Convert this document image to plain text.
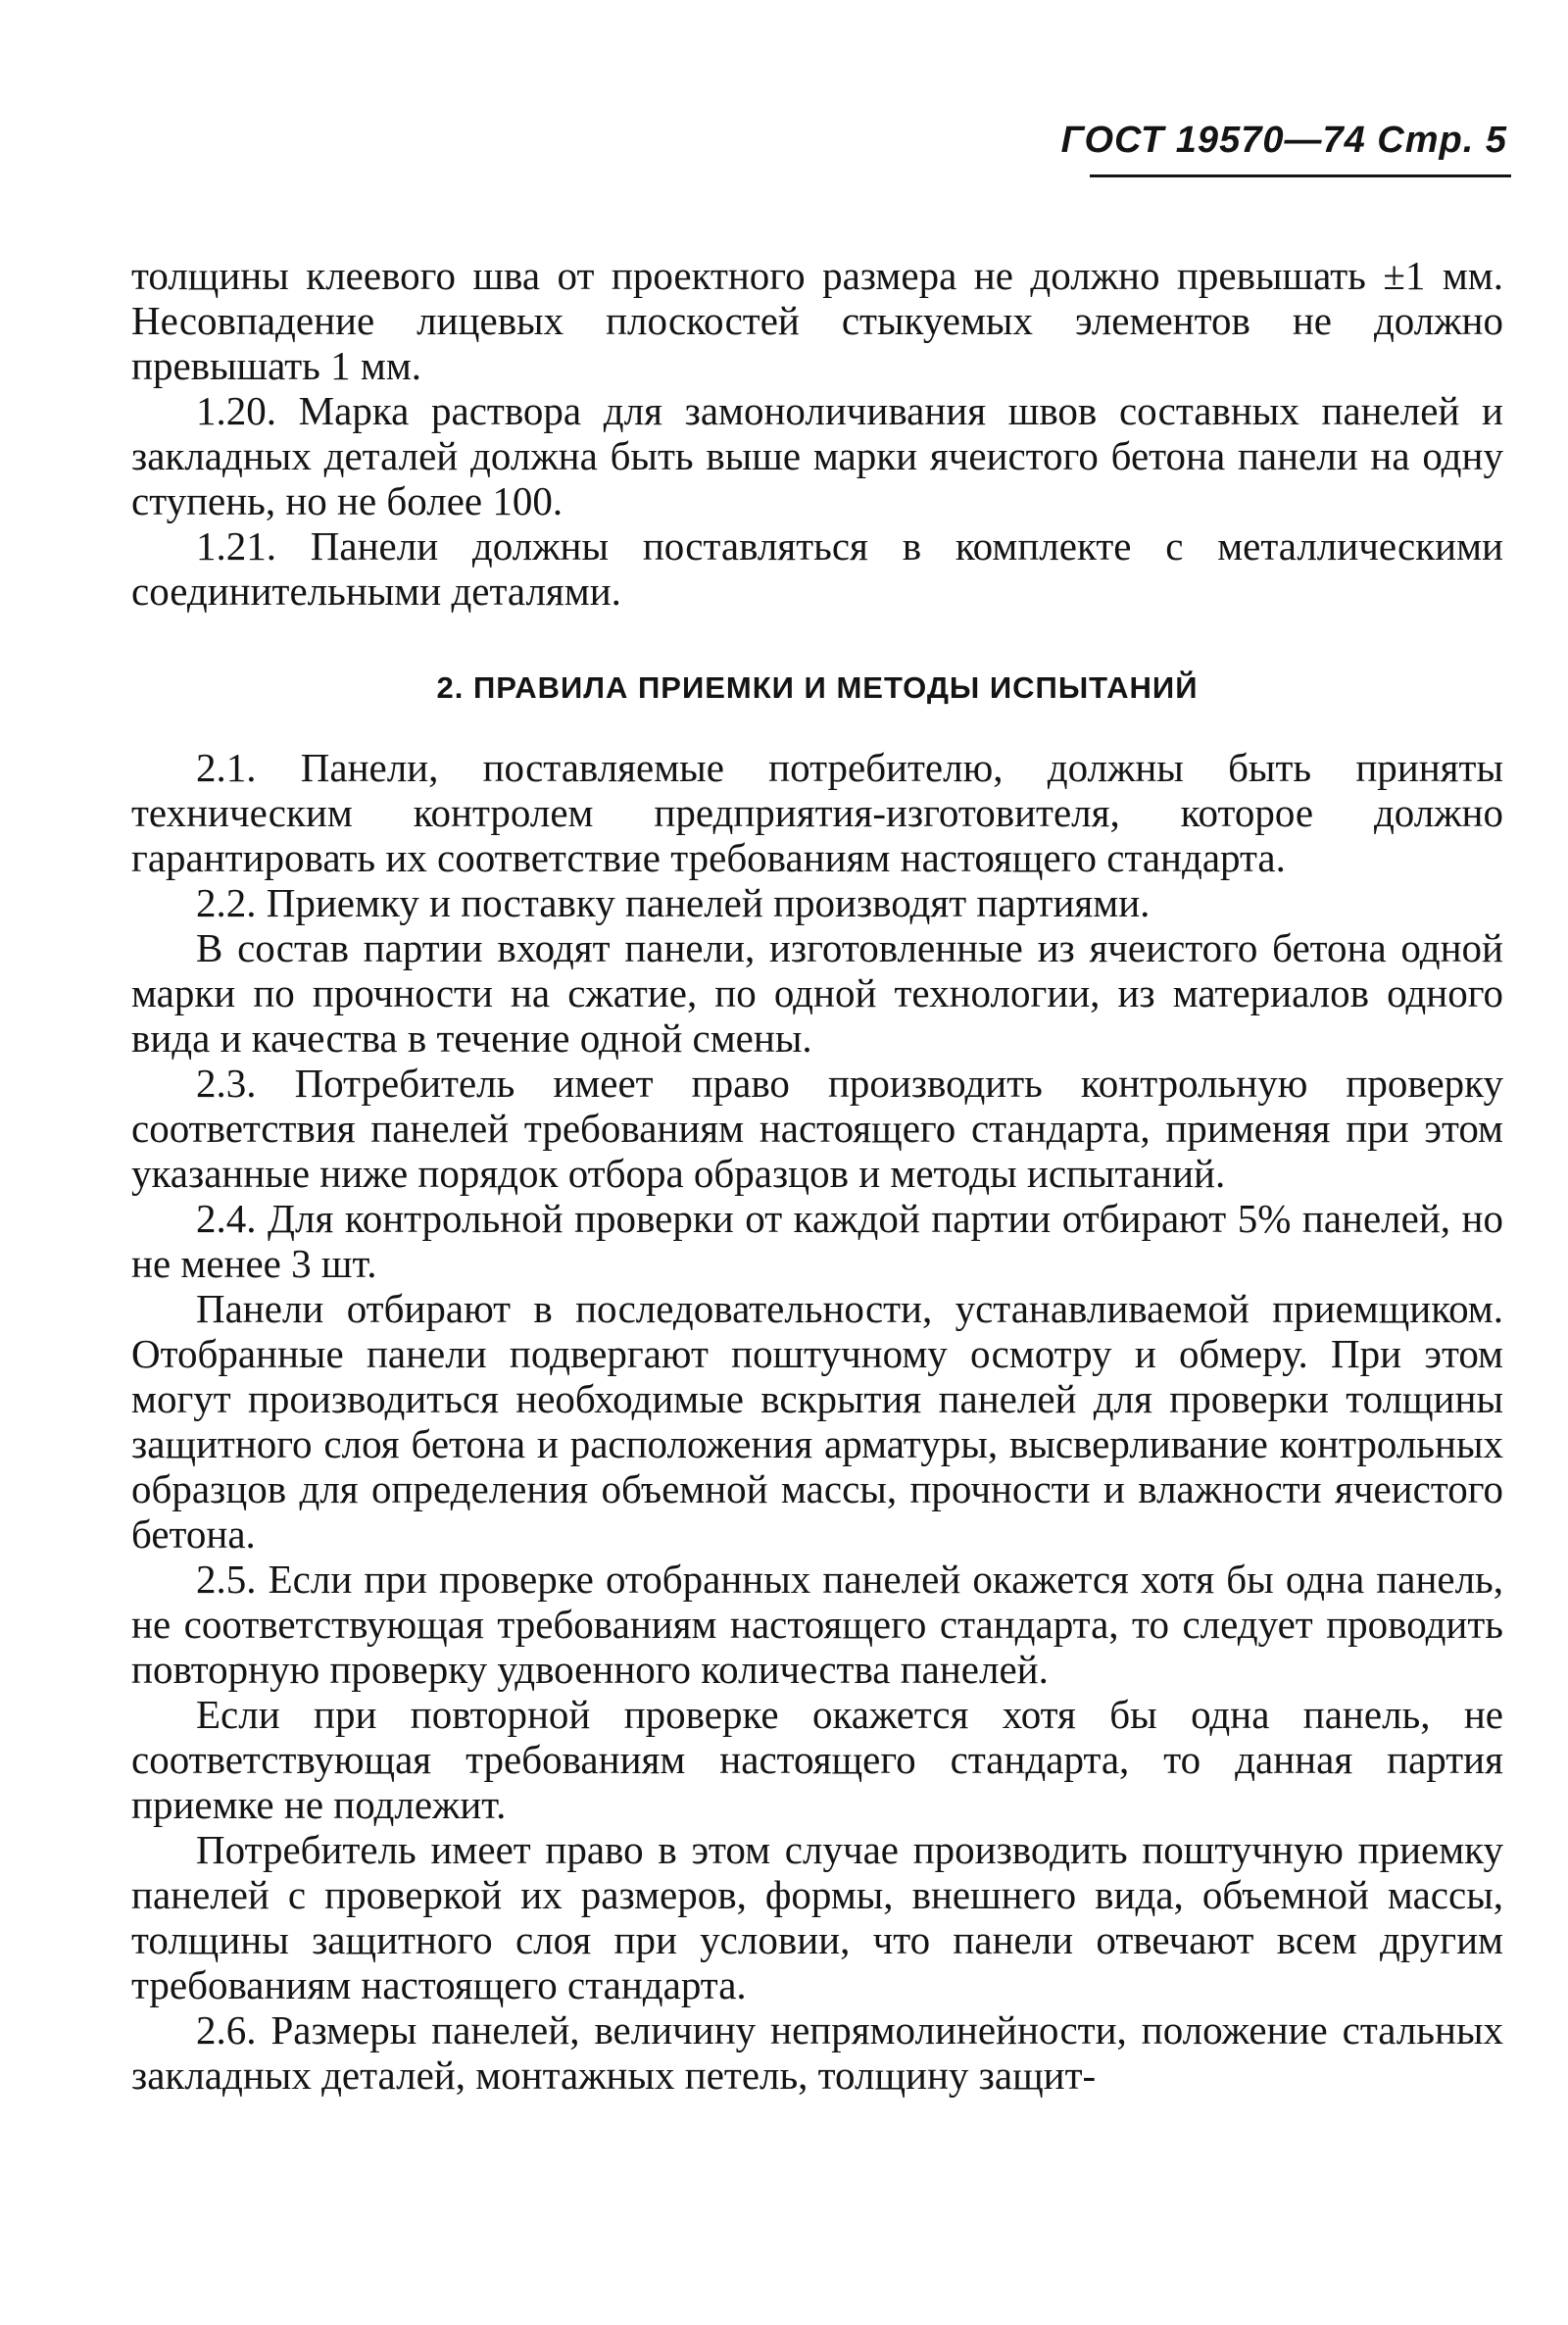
ГОСТ 19570—74 Стр. 5

толщины клеевого шва от проектного размера не должно превышать ±1 мм. Несовпадение лицевых плоскостей стыкуемых элементов не должно превышать 1 мм.

1.20. Марка раствора для замоноличивания швов составных панелей и закладных деталей должна быть выше марки ячеистого бетона панели на одну ступень, но не более 100.

1.21. Панели должны поставляться в комплекте с металлическими соединительными деталями.

2. ПРАВИЛА ПРИЕМКИ И МЕТОДЫ ИСПЫТАНИЙ

2.1. Панели, поставляемые потребителю, должны быть приняты техническим контролем предприятия-изготовителя, которое должно гарантировать их соответствие требованиям настоящего стандарта.

2.2. Приемку и поставку панелей производят партиями.

В состав партии входят панели, изготовленные из ячеистого бетона одной марки по прочности на сжатие, по одной технологии, из материалов одного вида и качества в течение одной смены.

2.3. Потребитель имеет право производить контрольную проверку соответствия панелей требованиям настоящего стандарта, применяя при этом указанные ниже порядок отбора образцов и методы испытаний.

2.4. Для контрольной проверки от каждой партии отбирают 5% панелей, но не менее 3 шт.

Панели отбирают в последовательности, устанавливаемой приемщиком. Отобранные панели подвергают поштучному осмотру и обмеру. При этом могут производиться необходимые вскрытия панелей для проверки толщины защитного слоя бетона и расположения арматуры, высверливание контрольных образцов для определения объемной массы, прочности и влажности ячеистого бетона.

2.5. Если при проверке отобранных панелей окажется хотя бы одна панель, не соответствующая требованиям настоящего стандарта, то следует проводить повторную проверку удвоенного количества панелей.

Если при повторной проверке окажется хотя бы одна панель, не соответствующая требованиям настоящего стандарта, то данная партия приемке не подлежит.

Потребитель имеет право в этом случае производить поштучную приемку панелей с проверкой их размеров, формы, внешнего вида, объемной массы, толщины защитного слоя при условии, что панели отвечают всем другим требованиям настоящего стандарта.

2.6. Размеры панелей, величину непрямолинейности, положение стальных закладных деталей, монтажных петель, толщину защит-
